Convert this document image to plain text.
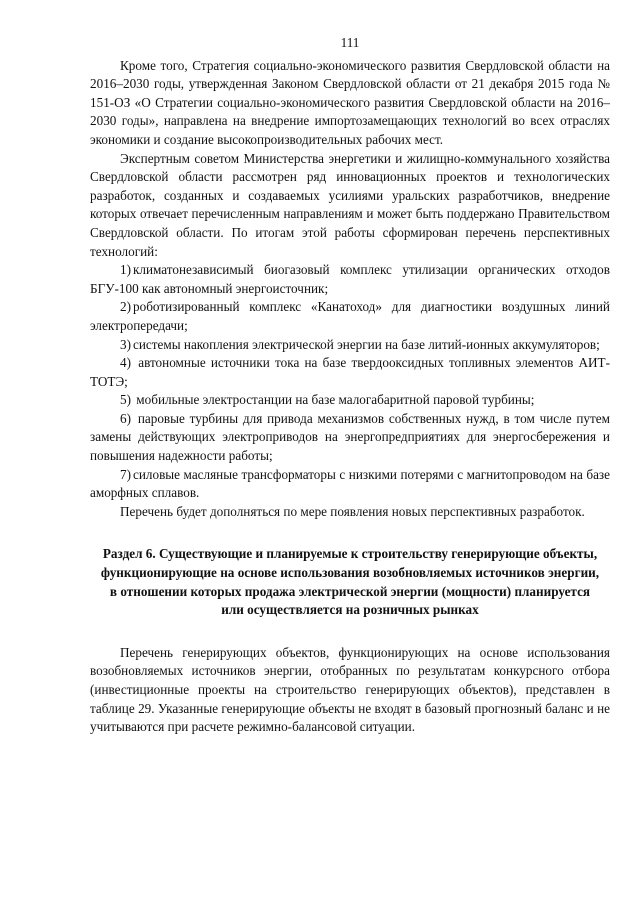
111

Кроме того, Стратегия социально-экономического развития Свердловской области на 2016–2030 годы, утвержденная Законом Свердловской области от 21 декабря 2015 года № 151-ОЗ «О Стратегии социально-экономического развития Свердловской области на 2016–2030 годы», направлена на внедрение импортозамещающих технологий во всех отраслях экономики и создание высокопроизводительных рабочих мест.

Экспертным советом Министерства энергетики и жилищно-коммунального хозяйства Свердловской области рассмотрен ряд инновационных проектов и технологических разработок, созданных и создаваемых усилиями уральских разработчиков, внедрение которых отвечает перечисленным направлениям и может быть поддержано Правительством Свердловской области. По итогам этой работы сформирован перечень перспективных технологий:

1) климатонезависимый биогазовый комплекс утилизации органических отходов БГУ-100 как автономный энергоисточник;

2) роботизированный комплекс «Канатоход» для диагностики воздушных линий электропередачи;

3) системы накопления электрической энергии на базе литий-ионных аккумуляторов;

4) автономные источники тока на базе твердооксидных топливных элементов АИТ-ТОТЭ;

5) мобильные электростанции на базе малогабаритной паровой турбины;

6) паровые турбины для привода механизмов собственных нужд, в том числе путем замены действующих электроприводов на энергопредприятиях для энергосбережения и повышения надежности работы;

7) силовые масляные трансформаторы с низкими потерями с магнитопроводом на базе аморфных сплавов.

Перечень будет дополняться по мере появления новых перспективных разработок.

Раздел 6. Существующие и планируемые к строительству генерирующие объекты, функционирующие на основе использования возобновляемых источников энергии, в отношении которых продажа электрической энергии (мощности) планируется или осуществляется на розничных рынках

Перечень генерирующих объектов, функционирующих на основе использования возобновляемых источников энергии, отобранных по результатам конкурсного отбора (инвестиционные проекты на строительство генерирующих объектов), представлен в таблице 29. Указанные генерирующие объекты не входят в базовый прогнозный баланс и не учитываются при расчете режимно-балансовой ситуации.
